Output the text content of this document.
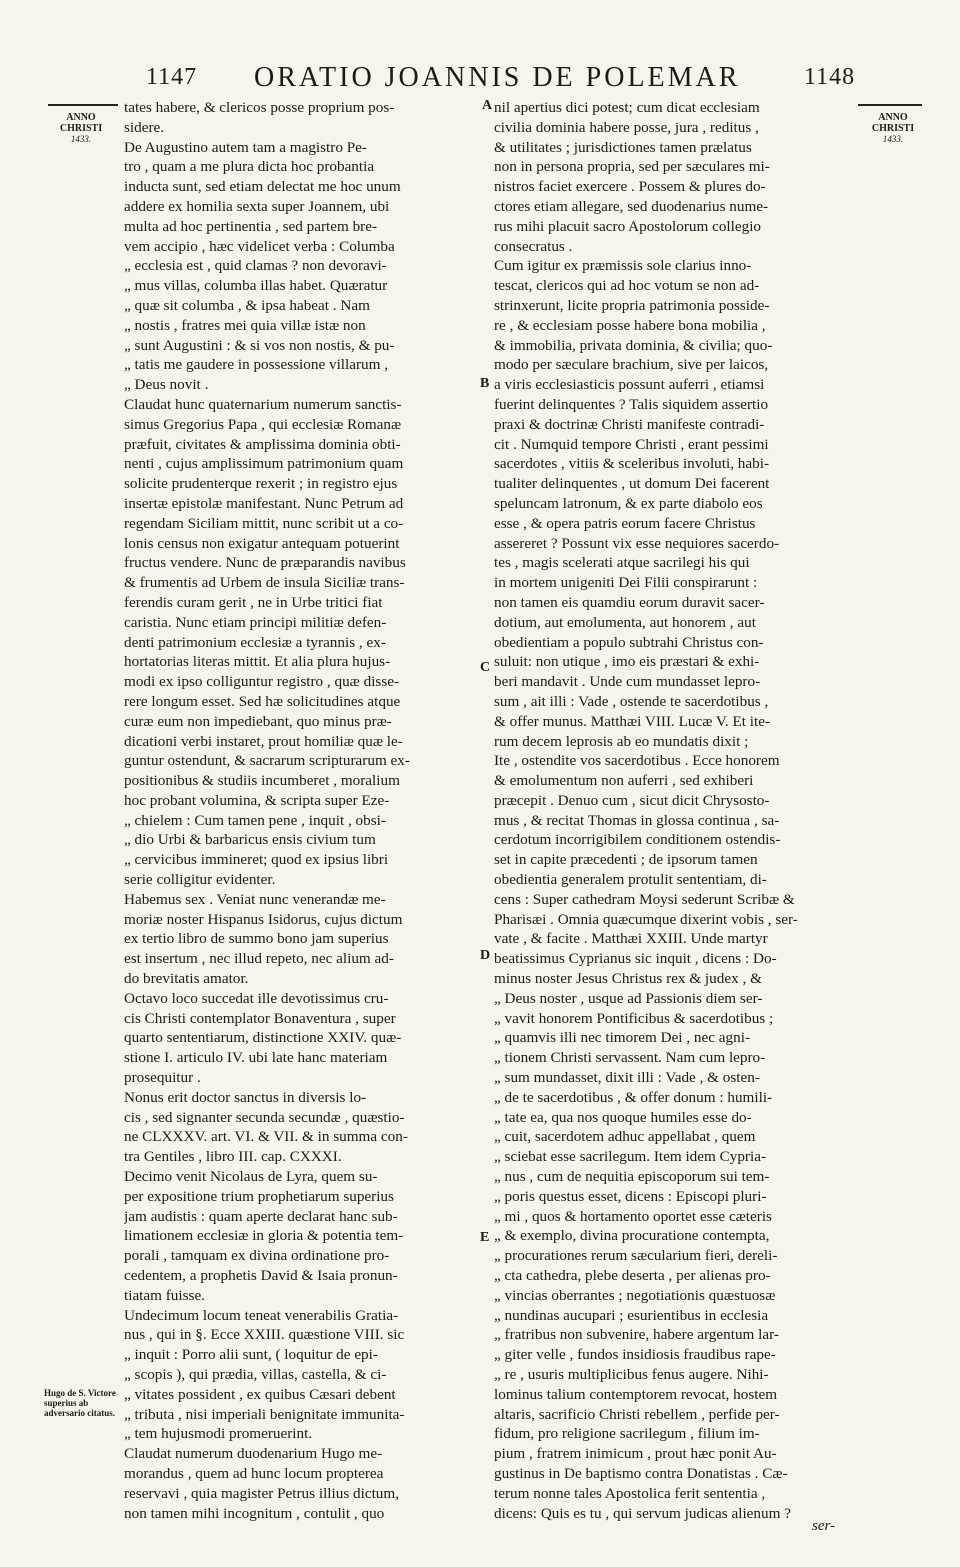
1147 ORATIO JOANNIS DE POLEMAR	1148
ANNO
CHRISTI
1433.
ANNO
CHRISTI
1433.
Hugo de S. Victore superius ab adversario citatus.
A
B
C
D
E
tates habere, & clericos posse proprium pos-
sidere.
De Augustino autem tam a magistro Pe-
tro , quam a me plura dicta hoc probantia
inducta sunt, sed etiam delectat me hoc unum
addere ex homilia sexta super Joannem, ubi
multa ad hoc pertinentia , sed partem bre-
vem accipio , hæc videlicet verba : Columba
„ ecclesia est , quid clamas ? non devoravi-
„ mus villas, columba illas habet. Quæratur
„ quæ sit columba , & ipsa habeat . Nam
„ nostis , fratres mei quia villæ istæ non
„ sunt Augustini : & si vos non nostis, & pu-
„ tatis me gaudere in possessione villarum ,
„ Deus novit .
Claudat hunc quaternarium numerum sanctis-
simus Gregorius Papa , qui ecclesiæ Romanæ
præfuit, civitates & amplissima dominia obti-
nenti , cujus amplissimum patrimonium quam
solicite prudenterque rexerit ; in registro ejus
insertæ epistolæ manifestant. Nunc Petrum ad
regendam Siciliam mittit, nunc scribit ut a co-
lonis census non exigatur antequam potuerint
fructus vendere. Nunc de præparandis navibus
& frumentis ad Urbem de insula Siciliæ trans-
ferendis curam gerit , ne in Urbe tritici fiat
caristia. Nunc etiam principi militiæ defen-
denti patrimonium ecclesiæ a tyrannis , ex-
hortatorias literas mittit. Et alia plura hujus-
modi ex ipso colliguntur registro , quæ disse-
rere longum esset. Sed hæ solicitudines atque
curæ eum non impediebant, quo minus præ-
dicationi verbi instaret, prout homiliæ quæ le-
guntur ostendunt, & sacrarum scripturarum ex-
positionibus & studiis incumberet , moralium
hoc probant volumina, & scripta super Eze-
„ chielem : Cum tamen pene , inquit , obsi-
„ dio Urbi & barbaricus ensis civium tum
„ cervicibus immineret; quod ex ipsius libri
serie colligitur evidenter.
Habemus sex . Veniat nunc venerandæ me-
moriæ noster Hispanus Isidorus, cujus dictum
ex tertio libro de summo bono jam superius
est insertum , nec illud repeto, nec alium ad-
do brevitatis amator.
Octavo loco succedat ille devotissimus cru-
cis Christi contemplator Bonaventura , super
quarto sententiarum, distinctione XXIV. quæ-
stione I. articulo IV. ubi late hanc materiam
prosequitur .
Nonus erit doctor sanctus in diversis lo-
cis , sed signanter secunda secundæ , quæstio-
ne CLXXXV. art. VI. & VII. & in summa con-
tra Gentiles , libro III. cap. CXXXI.
Decimo venit Nicolaus de Lyra, quem su-
per expositione trium prophetiarum superius
jam audistis : quam aperte declarat hanc sub-
limationem ecclesiæ in gloria & potentia tem-
porali , tamquam ex divina ordinatione pro-
cedentem, a prophetis David & Isaia pronun-
tiatam fuisse.
Undecimum locum teneat venerabilis Gratia-
nus , qui in §. Ecce XXIII. quæstione VIII. sic
„ inquit : Porro alii sunt, ( loquitur de epi-
„ scopis ), qui prædia, villas, castella, & ci-
„ vitates possident , ex quibus Cæsari debent
„ tributa , nisi imperiali benignitate immunita-
„ tem hujusmodi promeruerint.
Claudat numerum duodenarium Hugo me-
morandus , quem ad hunc locum propterea
reservavi , quia magister Petrus illius dictum,
non tamen mihi incognitum , contulit , quo
nil apertius dici potest; cum dicat ecclesiam
civilia dominia habere posse, jura , reditus ,
& utilitates ; jurisdictiones tamen prælatus
non in persona propria, sed per sæculares mi-
nistros faciet exercere . Possem & plures do-
ctores etiam allegare, sed duodenarius nume-
rus mihi placuit sacro Apostolorum collegio
consecratus .
Cum igitur ex præmissis sole clarius inno-
tescat, clericos qui ad hoc votum se non ad-
strinxerunt, licite propria patrimonia posside-
re , & ecclesiam posse habere bona mobilia ,
& immobilia, privata dominia, & civilia; quo-
modo per sæculare brachium, sive per laicos,
a viris ecclesiasticis possunt auferri , etiamsi
fuerint delinquentes ? Talis siquidem assertio
praxi & doctrinæ Christi manifeste contradi-
cit . Numquid tempore Christi , erant pessimi
sacerdotes , vitiis & sceleribus involuti, habi-
tualiter delinquentes , ut domum Dei facerent
speluncam latronum, & ex parte diabolo eos
esse , & opera patris eorum facere Christus
assereret ? Possunt vix esse nequiores sacerdo-
tes , magis scelerati atque sacrilegi his qui
in mortem unigeniti Dei Filii conspirarunt :
non tamen eis quamdiu eorum duravit sacer-
dotium, aut emolumenta, aut honorem , aut
obedientiam a populo subtrahi Christus con-
suluit: non utique , imo eis præstari & exhi-
beri mandavit . Unde cum mundasset lepro-
sum , ait illi : Vade , ostende te sacerdotibus ,
& offer munus. Matthæi VIII. Lucæ V. Et ite-
rum decem leprosis ab eo mundatis dixit ;
Ite , ostendite vos sacerdotibus . Ecce honorem
& emolumentum non auferri , sed exhiberi
præcepit . Denuo cum , sicut dicit Chrysosto-
mus , & recitat Thomas in glossa continua , sa-
cerdotum incorrigibilem conditionem ostendis-
set in capite præcedenti ; de ipsorum tamen
obedientia generalem protulit sententiam, di-
cens : Super cathedram Moysi sederunt Scribæ &
Pharisæi . Omnia quæcumque dixerint vobis , ser-
vate , & facite . Matthæi XXIII. Unde martyr
beatissimus Cyprianus sic inquit , dicens : Do-
minus noster Jesus Christus rex & judex , &
„ Deus noster , usque ad Passionis diem ser-
„ vavit honorem Pontificibus & sacerdotibus ;
„ quamvis illi nec timorem Dei , nec agni-
„ tionem Christi servassent. Nam cum lepro-
„ sum mundasset, dixit illi : Vade , & osten-
„ de te sacerdotibus , & offer donum : humili-
„ tate ea, qua nos quoque humiles esse do-
„ cuit, sacerdotem adhuc appellabat , quem
„ sciebat esse sacrilegum. Item idem Cypria-
„ nus , cum de nequitia episcoporum sui tem-
„ poris questus esset, dicens : Episcopi pluri-
„ mi , quos & hortamento oportet esse cæteris
„ & exemplo, divina procuratione contempta,
„ procurationes rerum sæcularium fieri, dereli-
„ cta cathedra, plebe deserta , per alienas pro-
„ vincias oberrantes ; negotiationis quæstuosæ
„ nundinas aucupari ; esurientibus in ecclesia
„ fratribus non subvenire, habere argentum lar-
„ giter velle , fundos insidiosis fraudibus rape-
„ re , usuris multiplicibus fenus augere. Nihi-
lominus talium contemptorem revocat, hostem
altaris, sacrificio Christi rebellem , perfide per-
fidum, pro religione sacrilegum , filium im-
pium , fratrem inimicum , prout hæc ponit Au-
gustinus in De baptismo contra Donatistas . Cæ-
terum nonne tales Apostolica ferit sententia ,
dicens: Quis es tu , qui servum judicas alienum ?
ser-
